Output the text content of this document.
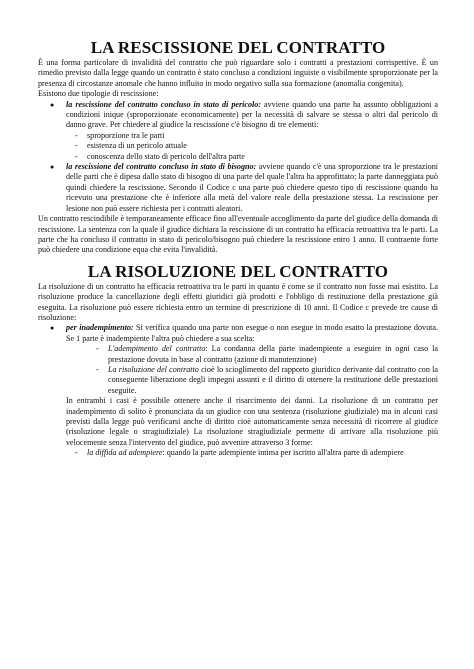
LA RESCISSIONE DEL CONTRATTO

È una forma particolare di invalidità del contratto che può riguardare solo i contratti a prestazioni corrispettive. È un rimedio previsto dalla legge quando un contratto è stato concluso a condizioni inguiste o visibilmente sproporzionate per la presenza di circostanze anomale che hanno influito in modo negativo sulla sua formazione (anomalia congenita).

Esistono due tipologie di rescissione:

● la rescissione del contratto concluso in stato di pericolo: avviene quando una parte ha assunto obbligazioni a condizioni inique (sproporzionate economicamente) per la necessità di salvare se stessa o altri dal pericolo di danno grave. Per chiedere al giudice la rescissione c'è bisogno di tre elementi:
- sproporzione tra le parti
- esistenza di un pericolo attuale
- conoscenza dello stato di pericolo dell'altra parte
● la rescissione del contratto concluso in stato di bisogno: avviene quando c'è una sproporzione tra le prestazioni delle parti che è dipesa dallo stato di bisogno di una parte del quale l'altra ha approfittato; la parte danneggiata può quindi chiedere la rescissione. Secondo il Codice c una parte può chiedere questo tipo di rescissione quando ha ricevuto una prestazione che è inferiore alla metà del valore reale della prestazione stessa. La rescissione per lesione non può essere richiesta per i contratti aleatori.

Un contratto rescindibile è temporaneamente efficace fino all'eventuale accoglimento da parte del giudice della domanda di rescissione. La sentenza con la quale il giudice dichiara la rescissione di un contratto ha efficacia retroattiva tra le parti. La parte che ha concluso il contratto in stato di pericolo/bisogno può chiedere la rescissione entro 1 anno. Il contraente forte può chiedere una condizione equa che evita l'invalidità.

LA RISOLUZIONE DEL CONTRATTO

La risoluzione di un contratto ha efficacia retroattiva tra le parti in quanto è come se il contratto non fosse mai esistito. La risoluzione produce la cancellazione degli effetti giuridici già prodotti e l'obbligo di restituzione della prestazione già eseguita. La risoluzione può essere richiesta entro un termine di prescrizione di 10 anni. Il Codice c prevede tre cause di risoluzione:

● per inadempimento: Si verifica quando una parte non esegue o non esegue in modo esatto la prestazione dovuta. Se 1 parte è inadempiente l'altra può chiedere a sua scelta:
- L'adempimento del contratto: La condanna della parte inadempiente a eseguire in ogni caso la prestazione dovuta in base al contratto (azione di manutenzione)
- La risoluzione del contratto cioè lo scioglimento del rapporto giuridico derivante dal contratto con la conseguente liberazione degli impegni assunti e il diritto di ottenere la restituzione delle prestazioni eseguite.

In entrambi i casi è possibile ottenere anche il risarcimento dei danni. La risoluzione di un contratto per inadempimento di solito è pronunciata da un giudice con una sentenza (risoluzione giudiziale) ma in alcuni casi previsti dalla legge può verificarsi anche di diritto cioè automaticamente senza necessità di ricorrere al giudice (risoluzione legale o stragiudiziale) La risoluzione stragiudiziale permette di arrivare alla risoluzione più velocemente senza l'intervento del giudice, può avvenire attraverso 3 forme:

- la diffida ad adempiere: quando la parte adempiente intima per iscritto all'altra parte di adempiere
